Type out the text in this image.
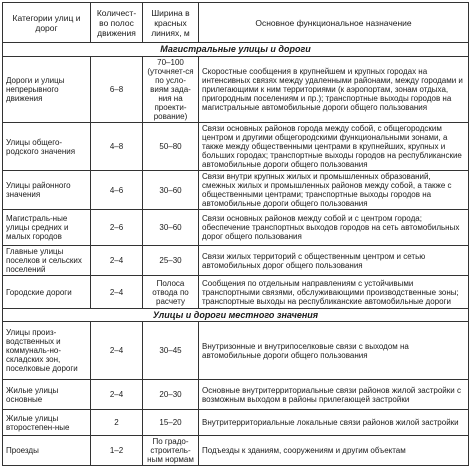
Категории улиц и дорог	Количест-во полос движения	Ширина в красных линиях, м	Основное функциональное назначение
Магистральные улицы и дороги			
Дороги и улицы непрерывного движения	6–8	70–100 (уточняет-ся по усло-виям зада-ния на проекти-рование)	Скоростные сообщения в крупнейшем и крупных городах на интенсивных связях между удаленными районами, между городами и прилегающими к ним территориями (к аэропортам, зонам отдыха, пригородным поселениям и пр.); транспортные выходы городов на магистральные автомобильные дороги общего пользования
Улицы общего-родского значения	4–8	50–80	Связи основных районов города между собой, с общегородским центром и другими общегородскими функциональными зонами, а также между общественными центрами в крупнейших, крупных и больших городах; транспортные выходы городов на республиканские автомобильные дороги общего пользования
Улицы районного значения	4–6	30–60	Связи внутри крупных жилых и промышленных образований, смежных жилых и промышленных районов между собой, а также с общественными центрами; транспортные выходы городов на автомобильные дороги общего пользования
Магистраль-ные улицы средних и малых городов	2–6	30–60	Связи основных районов между собой и с центром города; обеспечение транспортных выходов городов на сеть автомобильных дорог общего пользования
Главные улицы поселков и сельских поселений	2–4	25–30	Связи жилых территорий с общественным центром и сетью автомобильных дорог общего пользования
Городские дороги	2–4	Полоса отвода по расчету	Сообщения по отдельным направлениям с устойчивыми транспортными связями, обслуживающими производственные зоны; транспортные выходы на республиканские автомобильные дороги
Улицы и дороги местного значения			
Улицы произ-водственных и коммуналь-но-складских зон, поселковые дороги	2–4	30–45	Внутризонные и внутрипоселковые связи с выходом на автомобильные дороги общего пользования
Жилые улицы основные	2–4	20–30	Основные внутритерриториальные связи районов жилой застройки с возможным выходом в районы прилегающей застройки
Жилые улицы второстепен-ные	2	15–20	Внутритерриториальные локальные связи районов жилой застройки
Проезды	1–2	По градо-строитель-ным нормам	Подъезды к зданиям, сооружениям и другим объектам
